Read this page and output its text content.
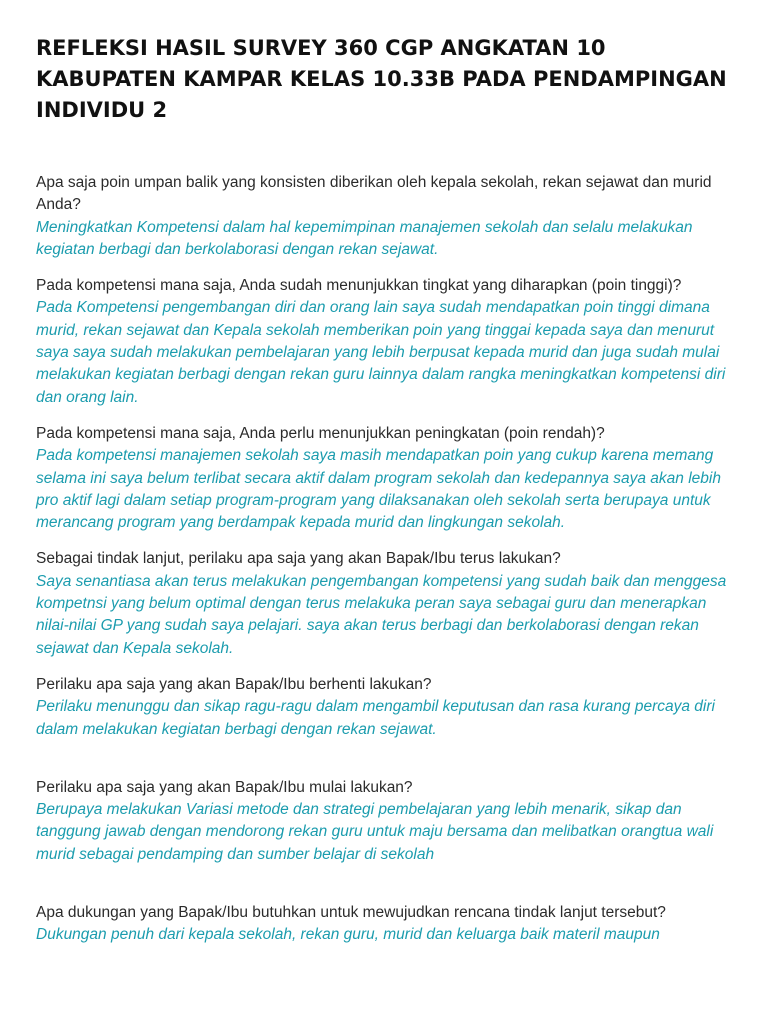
REFLEKSI HASIL SURVEY 360 CGP ANGKATAN 10
KABUPATEN KAMPAR KELAS 10.33B PADA PENDAMPINGAN
INDIVIDU 2
Apa saja poin umpan balik yang konsisten diberikan oleh kepala sekolah, rekan sejawat dan murid Anda?
Meningkatkan Kompetensi dalam hal kepemimpinan manajemen sekolah dan selalu melakukan kegiatan berbagi dan berkolaborasi dengan rekan sejawat.
Pada kompetensi mana saja, Anda sudah menunjukkan tingkat yang diharapkan (poin tinggi)?
Pada Kompetensi pengembangan diri dan orang lain saya sudah mendapatkan poin tinggi dimana murid, rekan sejawat dan Kepala sekolah memberikan poin yang tinggai kepada saya dan menurut saya saya sudah melakukan pembelajaran yang lebih berpusat kepada murid dan juga sudah mulai melakukan kegiatan berbagi dengan rekan guru lainnya dalam rangka meningkatkan kompetensi diri dan orang lain.
Pada kompetensi mana saja, Anda perlu menunjukkan peningkatan (poin rendah)?
Pada kompetensi manajemen sekolah saya masih mendapatkan poin yang cukup karena memang selama ini saya belum terlibat secara aktif dalam program sekolah dan kedepannya saya akan lebih pro aktif lagi dalam setiap program-program yang dilaksanakan oleh sekolah serta berupaya untuk merancang program yang berdampak kepada murid dan lingkungan sekolah.
Sebagai tindak lanjut, perilaku apa saja yang akan Bapak/Ibu terus lakukan?
Saya senantiasa akan terus melakukan pengembangan kompetensi yang sudah baik dan menggesa kompetnsi yang belum optimal dengan terus melakuka peran saya sebagai guru dan menerapkan nilai-nilai GP yang sudah saya pelajari. saya akan terus berbagi dan berkolaborasi dengan rekan sejawat dan Kepala sekolah.
Perilaku apa saja yang akan Bapak/Ibu berhenti lakukan?
Perilaku menunggu dan sikap ragu-ragu dalam mengambil keputusan dan rasa kurang percaya diri dalam melakukan kegiatan berbagi dengan rekan sejawat.
Perilaku apa saja yang akan Bapak/Ibu mulai lakukan?
Berupaya melakukan Variasi metode dan strategi pembelajaran yang lebih menarik, sikap dan tanggung jawab dengan mendorong rekan guru untuk maju bersama dan melibatkan orangtua wali murid sebagai pendamping dan sumber belajar di sekolah
Apa dukungan yang Bapak/Ibu butuhkan untuk mewujudkan rencana tindak lanjut tersebut?
Dukungan penuh dari kepala sekolah, rekan guru, murid dan keluarga baik materil maupun
